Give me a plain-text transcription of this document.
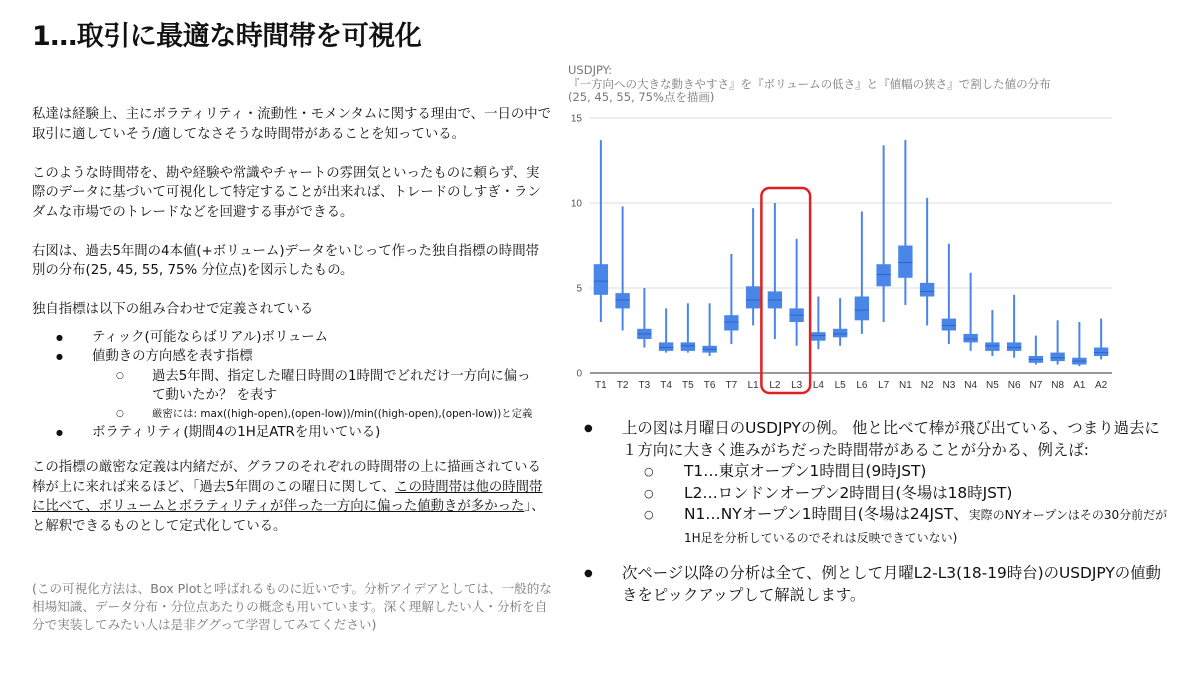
1…取引に最適な時間帯を可視化

私達は経験上、主にボラティリティ・流動性・モメンタムに関する理由で、一日の中で取引に適していそう/適してなさそうな時間帯があることを知っている。

このような時間帯を、勘や経験や常識やチャートの雰囲気といったものに頼らず、実際のデータに基づいて可視化して特定することが出来れば、トレードのしすぎ・ランダムな市場でのトレードなどを回避する事ができる。

右図は、過去5年間の4本値(+ボリューム)データをいじって作った独自指標の時間帯別の分布(25, 45, 55, 75% 分位点)を図示したもの。

独自指標は以下の組み合わせで定義されている

● ティック(可能ならばリアル)ボリューム
● 値動きの方向感を表す指標
○ 過去5年間、指定した曜日時間の1時間でどれだけ一方向に偏って動いたか？ を表す
○	厳密には: max((high-open),(open-low))/min((high-open),(open-low))と定義
● ボラティリティ(期間4の1H足ATRを用いている)

この指標の厳密な定義は内緒だが、グラフのそれぞれの時間帯の上に描画されている棒が上に来れば来るほど、「過去5年間のこの曜日に関して、この時間帯は他の時間帯に比べて、ボリュームとボラティリティが伴った一方向に偏った値動きが多かった」、と解釈できるものとして定式化している。

(この可視化方法は、Box Plotと呼ばれるものに近いです。分析アイデアとしては、一般的な相場知識、データ分布・分位点あたりの概念も用いています。深く理解したい人・分析を自分で実装してみたい人は是非ググって学習してみてください)
USDJPY:
『一方向への大きな動きやすさ』を『ボリュームの低さ』と『値幅の狭さ』で割した値の分布
(25, 45, 55, 75%点を描画)
0
5
10
15
T1 T2 T3 T4 T5 T6 T7 L1 L2 L3 L4 L5 L6 L7 N1 N2 N3 N4 N5 N6 N7 N8 A1 A2
● 上の図は月曜日のUSDJPYの例。 他と比べて棒が飛び出ている、つまり過去に１方向に大きく進みがちだった時間帯があることが分かる、例えば:
○ T1…東京オープン1時間目(9時JST)
○ L2…ロンドンオープン2時間目(冬場は18時JST)
○ N1…NYオープン1時間目(冬場は24JST、実際のNYオープンはその30分前だが1H足を分析しているのでそれは反映できていない)
● 次ページ以降の分析は全て、例として月曜L2-L3(18-19時台)のUSDJPYの値動きをピックアップして解説します。
